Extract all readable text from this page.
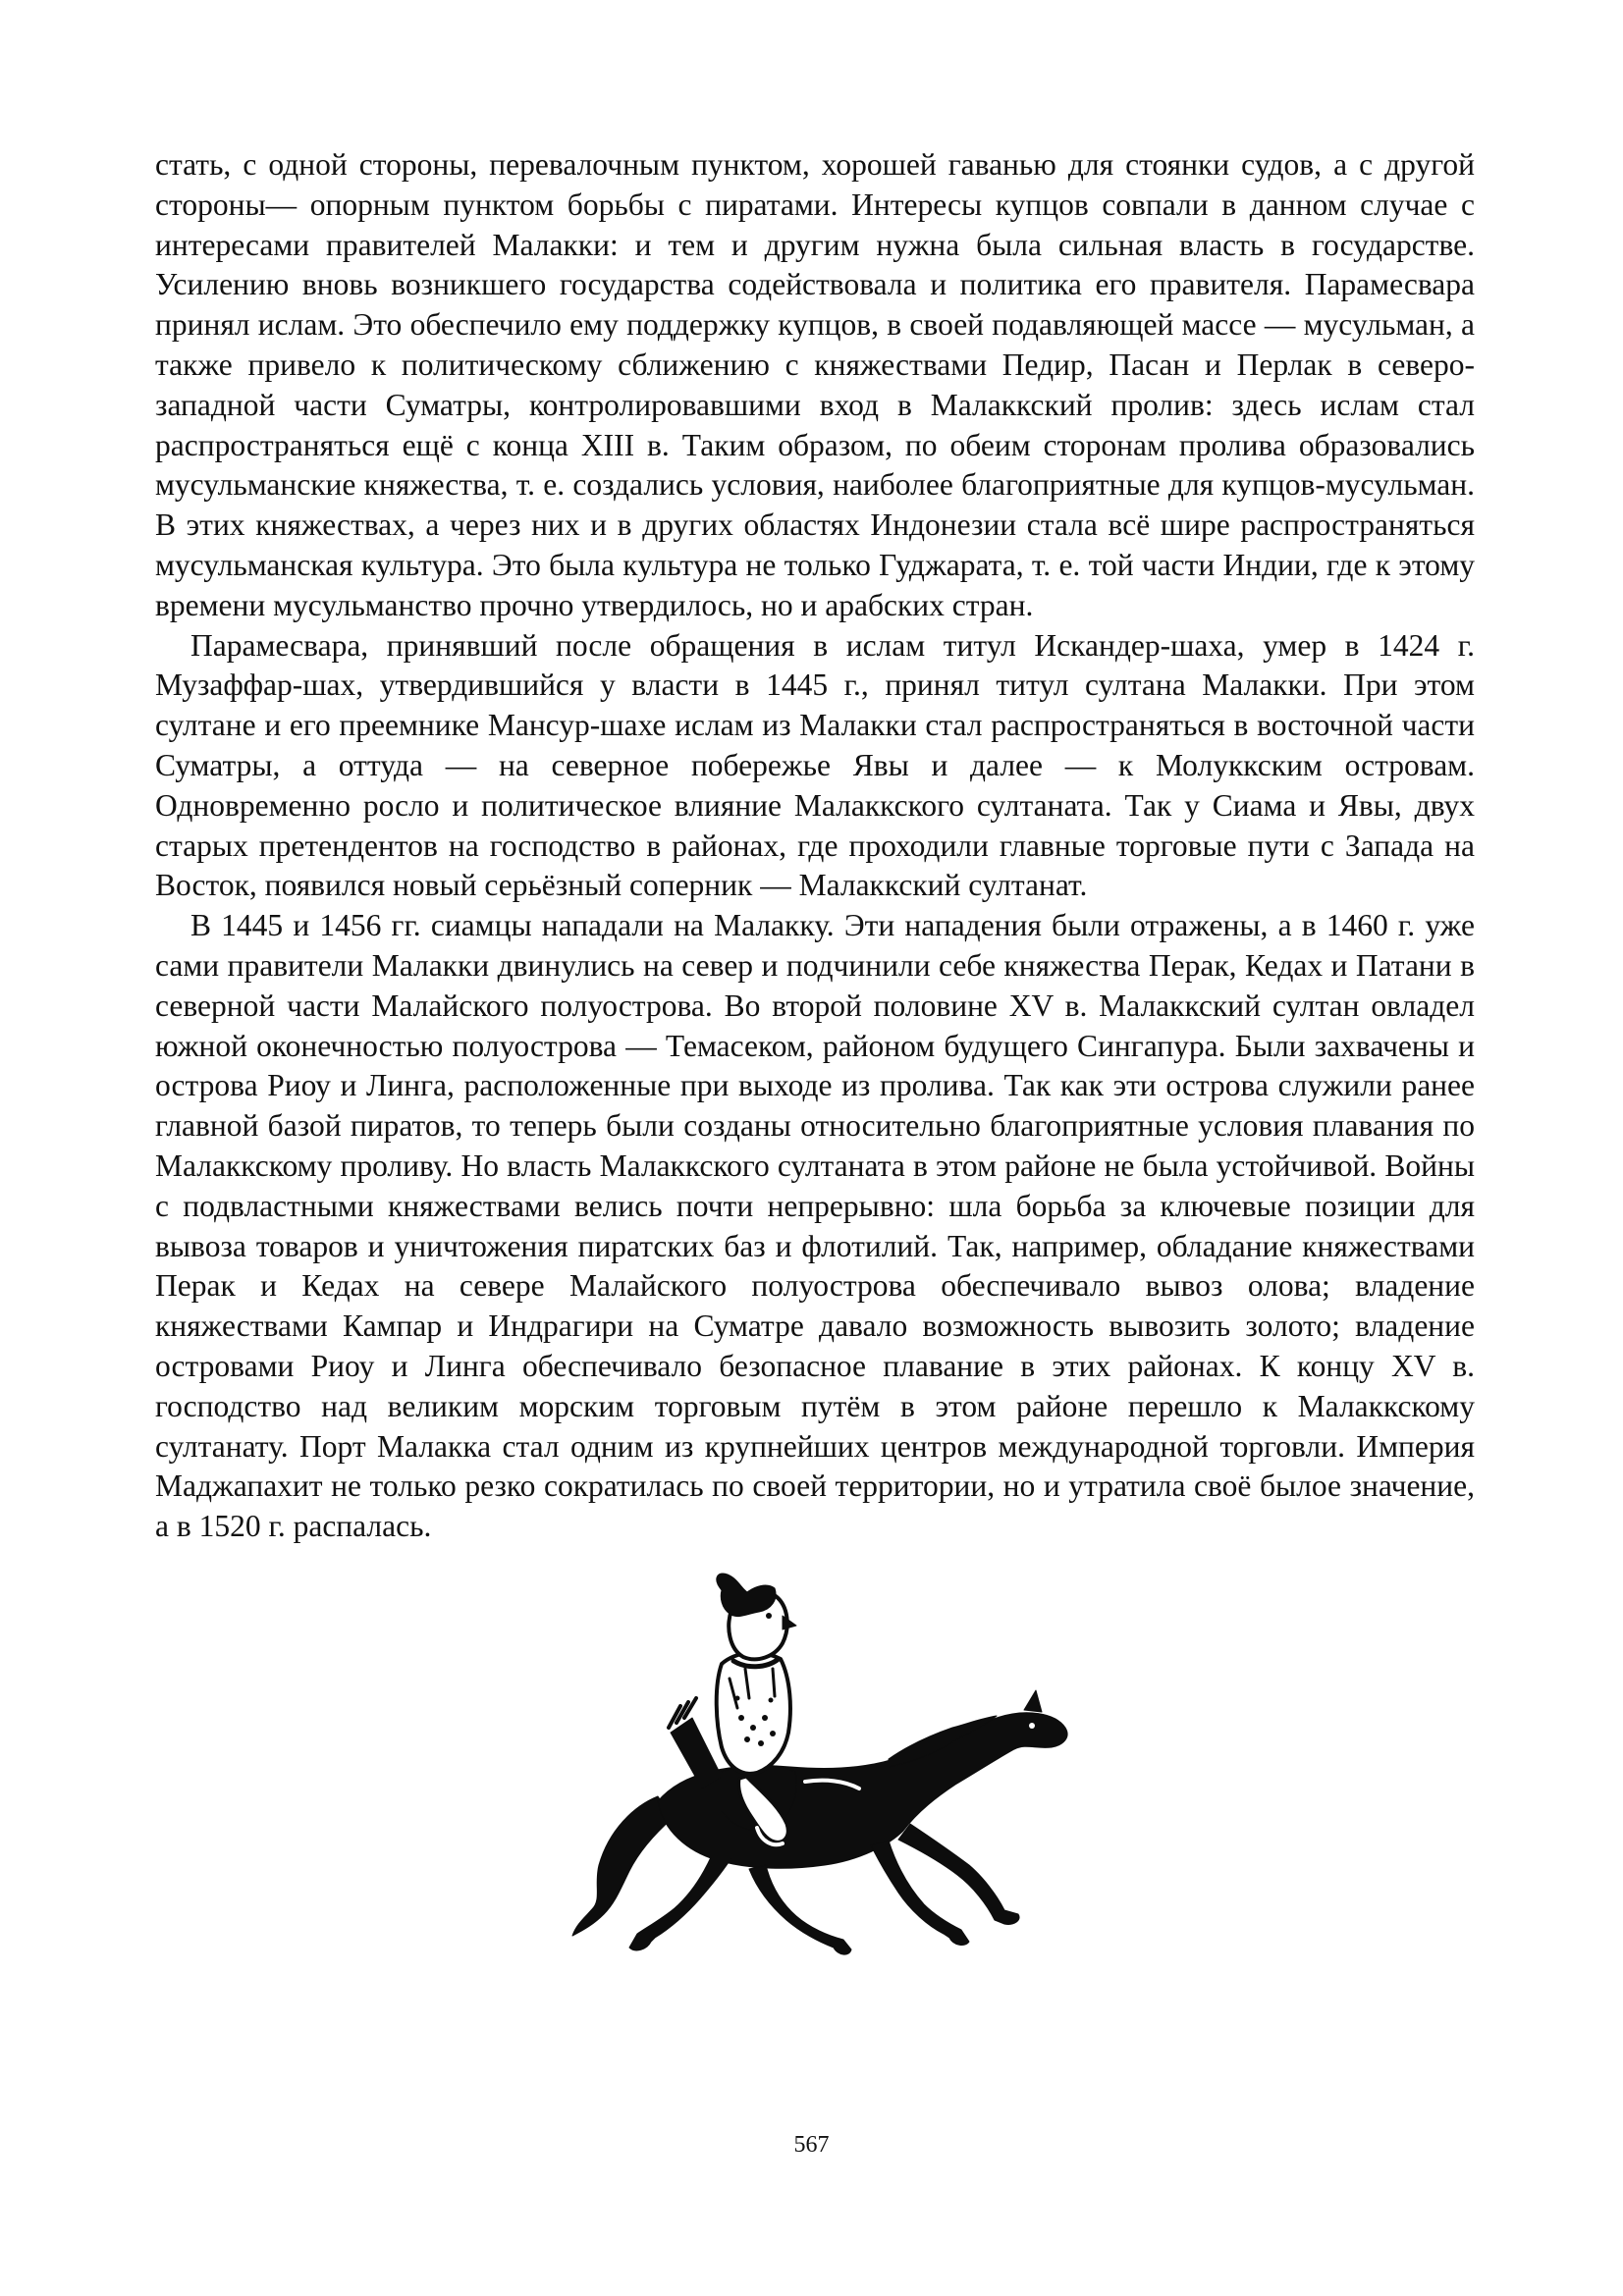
стать, с одной стороны, перевалочным пунктом, хорошей гаванью для стоянки судов, а с другой стороны— опорным пунктом борьбы с пиратами. Интересы купцов совпали в данном случае с интересами правителей Малакки: и тем и другим нужна была сильная власть в государстве. Усилению вновь возникшего государства содействовала и политика его правителя. Парамесвара принял ислам. Это обеспечило ему поддержку купцов, в своей подавляющей массе — мусульман, а также привело к политическому сближению с княжествами Педир, Пасан и Перлак в северо-западной части Суматры, контролировавшими вход в Малаккский пролив: здесь ислам стал распространяться ещё с конца XIII в. Таким образом, по обеим сторонам пролива образовались мусульманские княжества, т. е. создались условия, наиболее благоприятные для купцов-мусульман. В этих княжествах, а через них и в других областях Индонезии стала всё шире распространяться мусульманская культура. Это была культура не только Гуджарата, т. е. той части Индии, где к этому времени мусульманство прочно утвердилось, но и арабских стран.

Парамесвара, принявший после обращения в ислам титул Искандер-шаха, умер в 1424 г. Музаффар-шах, утвердившийся у власти в 1445 г., принял титул султана Малакки. При этом султане и его преемнике Мансур-шахе ислам из Малакки стал распространяться в восточной части Суматры, а оттуда — на северное побережье Явы и далее — к Молуккским островам. Одновременно росло и политическое влияние Малаккского султаната. Так у Сиама и Явы, двух старых претендентов на господство в районах, где проходили главные торговые пути с Запада на Восток, появился новый серьёзный соперник — Малаккский султанат.

В 1445 и 1456 гг. сиамцы нападали на Малакку. Эти нападения были отражены, а в 1460 г. уже сами правители Малакки двинулись на север и подчинили себе княжества Перак, Кедах и Патани в северной части Малайского полуострова. Во второй половине XV в. Малаккский султан овладел южной оконечностью полуострова — Темасеком, районом будущего Сингапура. Были захвачены и острова Риоу и Линга, расположенные при выходе из пролива. Так как эти острова служили ранее главной базой пиратов, то теперь были созданы относительно благоприятные условия плавания по Малаккскому проливу. Но власть Малаккского султаната в этом районе не была устойчивой. Войны с подвластными княжествами велись почти непрерывно: шла борьба за ключевые позиции для вывоза товаров и уничтожения пиратских баз и флотилий. Так, например, обладание княжествами Перак и Кедах на севере Малайского полуострова обеспечивало вывоз олова; владение княжествами Кампар и Индрагири на Суматре давало возможность вывозить золото; владение островами Риоу и Линга обеспечивало безопасное плавание в этих районах. К концу XV в. господство над великим морским торговым путём в этом районе перешло к Малаккскому султанату. Порт Малакка стал одним из крупнейших центров международной торговли. Империя Маджапахит не только резко сократилась по своей территории, но и утратила своё былое значение, а в 1520 г. распалась.

567
